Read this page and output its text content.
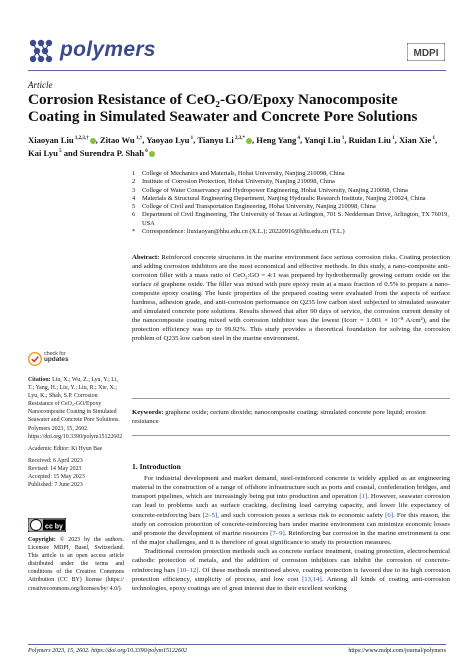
polymers	MDPI
Article
Corrosion Resistance of CeO₂-GO/Epoxy Nanocomposite Coating in Simulated Seawater and Concrete Pore Solutions
Xiaoyan Liu $^{1,2,3,\dagger}$ , Zitao Wu $^{1,\dagger}$, Yaoyao Lyu $^1$, Tianyu Li $^{2,3,*}$ , Heng Yang $^4$, Yanqi Liu $^1$, Ruidan Liu $^1$, Xian Xie $^1$, Kai Lyu $^5$ and Surendra P. Shah $^6$
1	College of Mechanics and Materials, Hohai University, Nanjing 210098, China
2	Institute of Corrosion Protection, Hohai University, Nanjing 210098, China
3	College of Water Conservancy and Hydropower Engineering, Hohai University, Nanjing 210098, China
4	Materials & Structural Engineering Department, Nanjing Hydraulic Research Institute, Nanjing 210024, China
5	College of Civil and Transportation Engineering, Hohai University, Nanjing 210098, China
6	Department of Civil Engineering, The University of Texas at Arlington, 701 S. Nedderman Drive, Arlington, TX 76019, USA
*	Correspondence: liuxiaoyan@hhu.edu.cn (X.L.); 20220916@hhu.edu.cn (T.L.)
check for
updates

Citation: Liu, X.; Wu, Z.; Lyu, Y.; Li, T.; Yang, H.; Liu, Y.; Liu, R.; Xie, X.; Lyu, K.; Shah, S.P. Corrosion Resistance of CeO₂-GO/Epoxy Nanocomposite Coating in Simulated Seawater and Concrete Pore Solutions. Polymers 2023, 15, 2602. https://doi.org/10.3390/polym15122602

Academic Editor: Ki Hyun Bae

Received: 6 April 2023

Revised: 14 May 2023

Accepted: 15 May 2023

Published: 7 June 2023

cc by
Copyright: © 2023 by the authors. Licensee MDPI, Basel, Switzerland. This article is an open access article distributed under the terms and conditions of the Creative Commons Attribution (CC BY) license (https:// creativecommons.org/licenses/by/ 4.0/).
Abstract: Reinforced concrete structures in the marine environment face serious corrosion risks. Coating protection and adding corrosion inhibitors are the most economical and effective methods. In this study, a nano-composite anti-corrosion filler with a mass ratio of CeO₂:GO = 4:1 was prepared by hydrothermally growing cerium oxide on the surface of graphene oxide. The filler was mixed with pure epoxy resin at a mass fraction of 0.5% to prepare a nano-composite epoxy coating. The basic properties of the prepared coating were evaluated from the aspects of surface hardness, adhesion grade, and anti-corrosion performance on Q235 low carbon steel subjected to simulated seawater and simulated concrete pore solutions. Results showed that after 90 days of service, the corrosion current density of the nanocomposite coating mixed with corrosion inhibitor was the lowest (Icorr = 1.001 × 10⁻⁸ A/cm²), and the protection efficiency was up to 99.92%. This study provides a theoretical foundation for solving the corrosion problem of Q235 low carbon steel in the marine environment.
Keywords: graphene oxide; cerium dioxide; nanocomposite coating; simulated concrete pore liquid; erosion resistance
1. Introduction

For industrial development and market demand, steel-reinforced concrete is widely applied as an engineering material in the construction of a range of offshore infrastructure such as ports and coastal, confederation bridges, and transport pipelines, which are increasingly being put into production and operation [1]. However, seawater corrosion can lead to problems such as surface cracking, declining load carrying capacity, and lower life expectancy of concrete-reinforcing bars [2–5], and such corrosion poses a serious risk to economic safety [6]. For this reason, the study on corrosion protection of concrete-reinforcing bars under marine environment can minimize economic losses and promote the development of marine resources [7–9]. Reinforcing bar corrosion in the marine environment is one of the major challenges, and it is therefore of great significance to study its protection measures.

Traditional corrosion protection methods such as concrete surface treatment, coating protection, electrochemical cathodic protection of metals, and the addition of corrosion inhibitors can inhibit the corrosion of concrete-reinforcing bars [10–12]. Of these methods mentioned above, coating protection is favored due to its high corrosion protection efficiency, simplicity of process, and low cost [13,14]. Among all kinds of coating anti-corrosion technologies, epoxy coatings are of great interest due to their excellent working

Polymers 2023, 15, 2602. https://doi.org/10.3390/polym15122602	https://www.mdpi.com/journal/polymers
